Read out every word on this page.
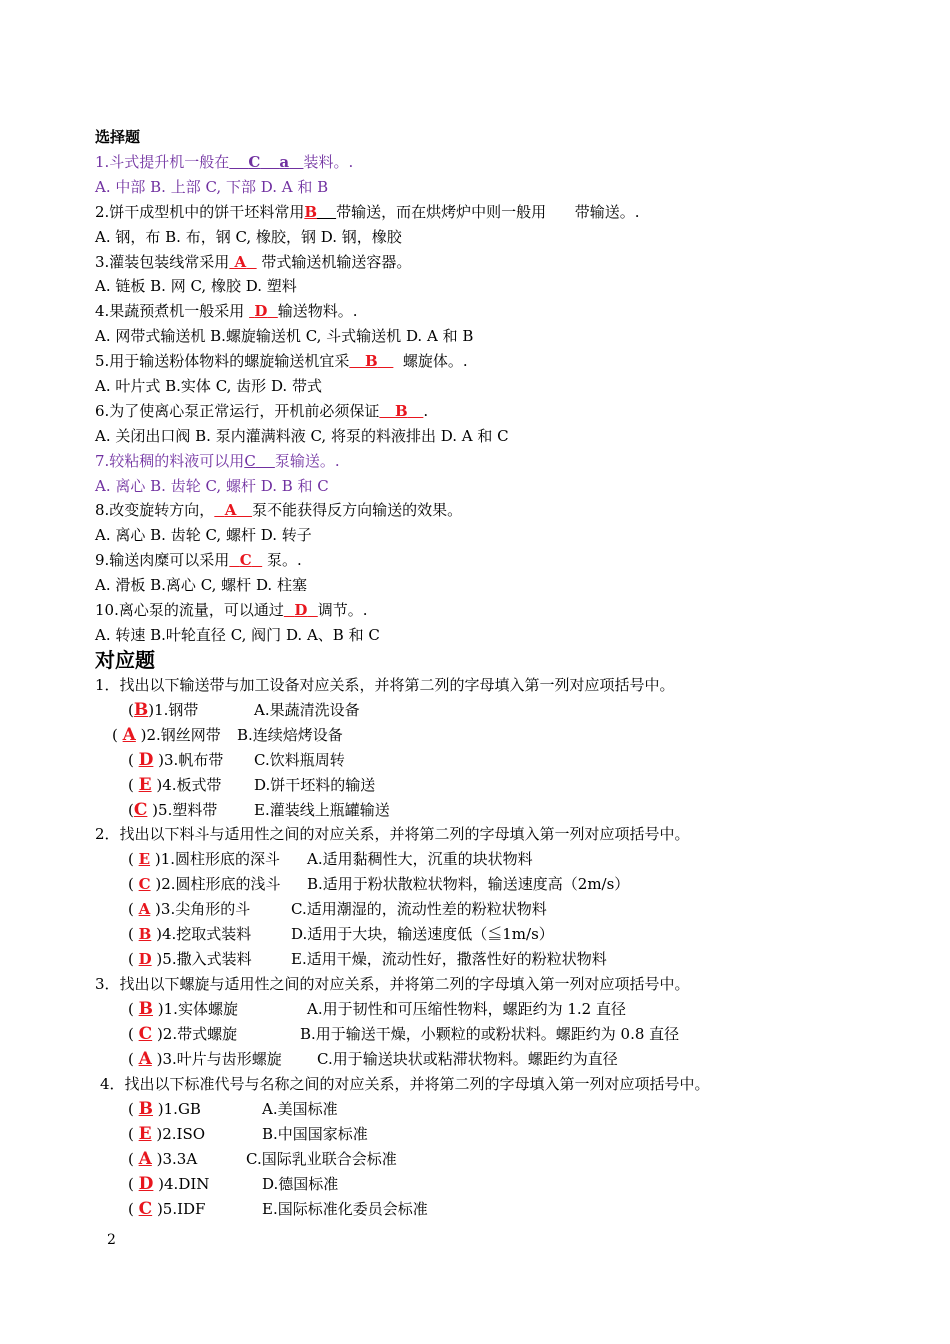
选择题
1.斗式提升机一般在 C a 装料。.
A. 中部 B. 上部 C, 下部 D. A 和 B
2.饼干成型机中的饼干坯料常用B 带输送，而在烘烤炉中则一般用 带输送。.
A. 钢，布 B. 布，钢 C, 橡胶，钢 D. 钢，橡胶
3.灌装包装线常采用 A 带式输送机输送容器。
A. 链板 B. 网 C, 橡胶 D. 塑料
4.果蔬预煮机一般采用 D 输送物料。.
A. 网带式输送机 B.螺旋输送机 C, 斗式输送机 D. A 和 B
5.用于输送粉体物料的螺旋输送机宜采 B 螺旋体。.
A. 叶片式 B.实体 C, 齿形 D. 带式
6.为了使离心泵正常运行，开机前必须保证 B .
A. 关闭出口阀 B. 泵内灌满料液 C, 将泵的料液排出 D. A 和 C
7.较粘稠的料液可以用C 泵输送。.
A. 离心 B. 齿轮 C, 螺杆 D. B 和 C
8.改变旋转方向， A 泵不能获得反方向输送的效果。
A. 离心 B. 齿轮 C, 螺杆 D. 转子
9.输送肉糜可以采用 C 泵。.
A. 滑板 B.离心 C, 螺杆 D. 柱塞
10.离心泵的流量，可以通过 D 调节。.
A. 转速 B.叶轮直径 C, 阀门 D. A、B 和 C
对应题
1．找出以下输送带与加工设备对应关系，并将第二列的字母填入第一列对应项括号中。
(B)1.钢带	A.果蔬清洗设备
( A )2.钢丝网带 B.连续焙烤设备
( D )3.帆布带 C.饮料瓶周转
( E )4.板式带 D.饼干坯料的输送
(C )5.塑料带 E.灌装线上瓶罐输送
2．找出以下料斗与适用性之间的对应关系，并将第二列的字母填入第一列对应项括号中。
( E )1.圆柱形底的深斗 A.适用黏稠性大，沉重的块状物料
( C )2.圆柱形底的浅斗 B.适用于粉状散粒状物料，输送速度高（2m/s）
( A )3.尖角形的斗	C.适用潮湿的，流动性差的粉粒状物料
( B )4.挖取式装料	D.适用于大块，输送速度低（≦1m/s）
( D )5.撒入式装料	E.适用干燥，流动性好，撒落性好的粉粒状物料
3．找出以下螺旋与适用性之间的对应关系，并将第二列的字母填入第一列对应项括号中。
( B )1.实体螺旋	A.用于韧性和可压缩性物料，螺距约为 1.2 直径
( C )2.带式螺旋	B.用于输送干燥，小颗粒的或粉状料。螺距约为 0.8 直径
( A )3.叶片与齿形螺旋 C.用于输送块状或粘滞状物料。螺距约为直径
4．找出以下标准代号与名称之间的对应关系，并将第二列的字母填入第一列对应项括号中。
( B )1.GB	A.美国标准
( E )2.ISO	B.中国国家标准
( A )3.3A	C.国际乳业联合会标准
( D )4.DIN	D.德国标准
( C )5.IDF	E.国际标准化委员会标准
2
